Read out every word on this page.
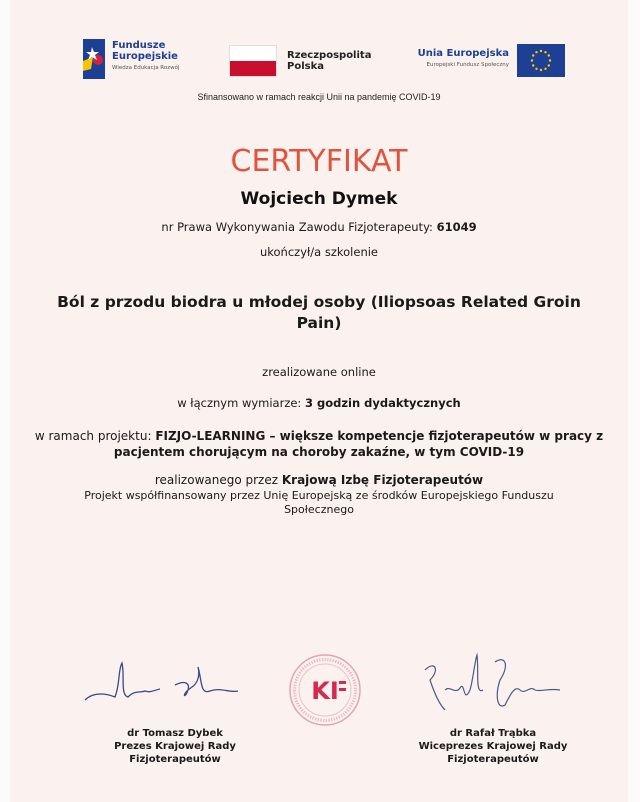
Fundusze
Europejskie
Wiedza Edukacja Rozwój
Rzeczpospolita
Polska
Unia Europejska
Europejski Fundusz Społeczny
Sfinansowano w ramach reakcji Unii na pandemię COVID-19
CERTYFIKAT
Wojciech Dymek
nr Prawa Wykonywania Zawodu Fizjoterapeuty: 61049
ukończył/a szkolenie
Ból z przodu biodra u młodej osoby (Iliopsoas Related Groin Pain)
zrealizowane online
w łącznym wymiarze: 3 godzin dydaktycznych
w ramach projektu: FIZJO-LEARNING – większe kompetencje fizjoterapeutów w pracy z pacjentem chorującym na choroby zakaźne, w tym COVID-19
realizowanego przez Krajową Izbę Fizjoterapeutów
Projekt współfinansowany przez Unię Europejską ze środków Europejskiego Funduszu Społecznego
KI
dr Tomasz Dybek
Prezes Krajowej Rady
Fizjoterapeutów
dr Rafał Trąbka
Wiceprezes Krajowej Rady
Fizjoterapeutów
